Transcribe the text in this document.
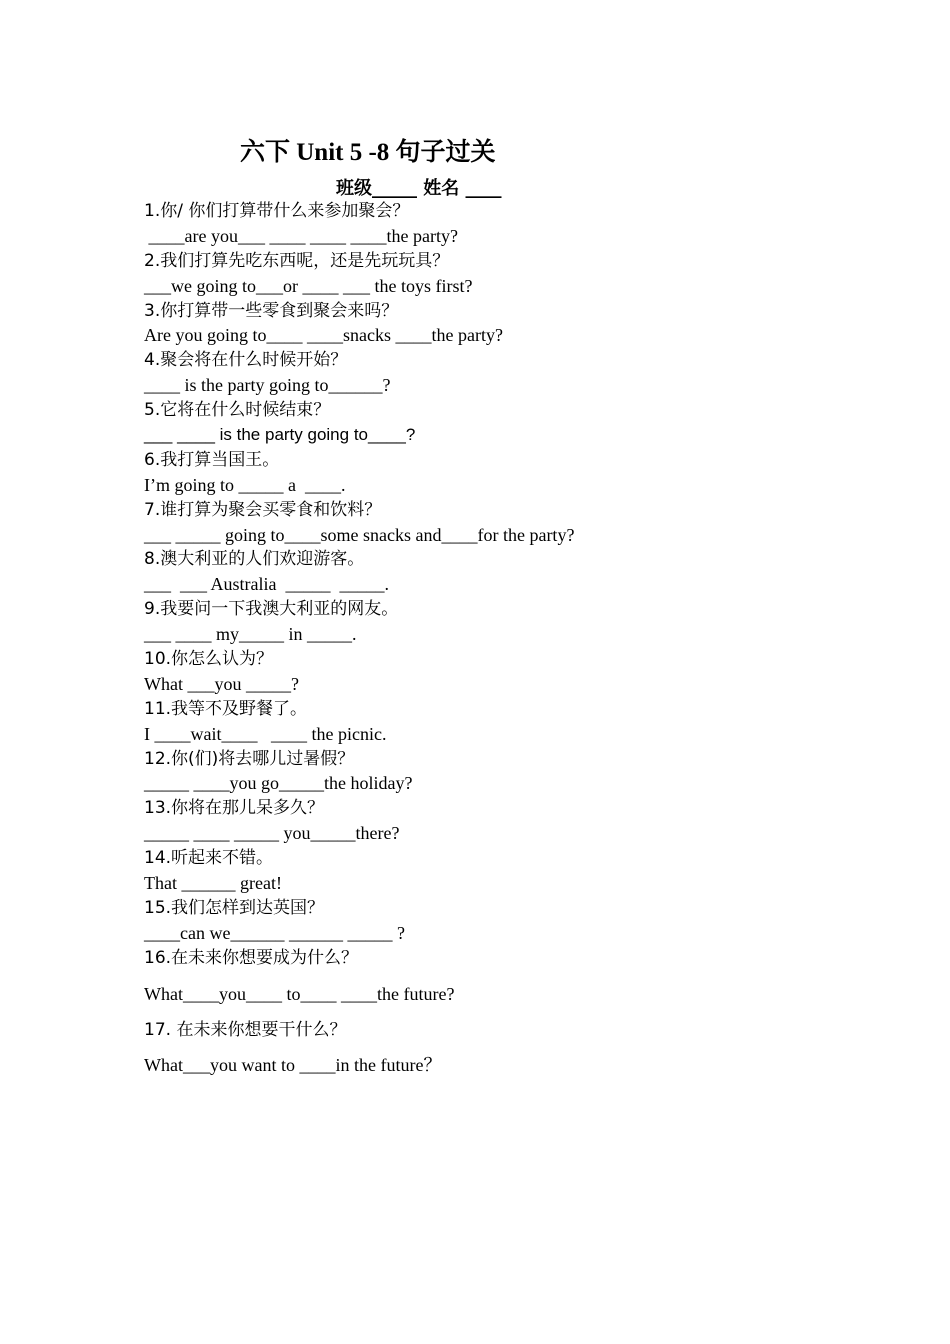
六下 Unit 5 -8 句子过关
班级_____ 姓名 ____
1.你/ 你们打算带什么来参加聚会？
____are you___ ____ ____ ____the party?
2.我们打算先吃东西呢，还是先玩玩具？
___we going to___or ____ ___ the toys first?
3.你打算带一些零食到聚会来吗？
Are you going to____ ____snacks ____the party?
4.聚会将在什么时候开始？
____ is the party going to______?
5.它将在什么时候结束？
___ ____ is the party going to____?
6.我打算当国王。
I’m going to _____ a  ____.
7.谁打算为聚会买零食和饮料？
___ _____ going to____some snacks and____for the party?
8.澳大利亚的人们欢迎游客。
___  ___ Australia  _____  _____.
9.我要问一下我澳大利亚的网友。
___ ____ my_____ in _____.
10.你怎么认为？
What ___you _____?
11.我等不及野餐了。
I ____wait____   ____ the picnic.
12.你(们)将去哪儿过暑假？
_____ ____you go_____the holiday?
13.你将在那儿呆多久？
_____ ____ _____ you_____there?
14.听起来不错。
That ______ great!
15.我们怎样到达英国？
____can we______ ______ _____ ?
16.在未来你想要成为什么？
What____you____ to____ ____the future?
17. 在未来你想要干什么？
What___you want to ____in the future？
